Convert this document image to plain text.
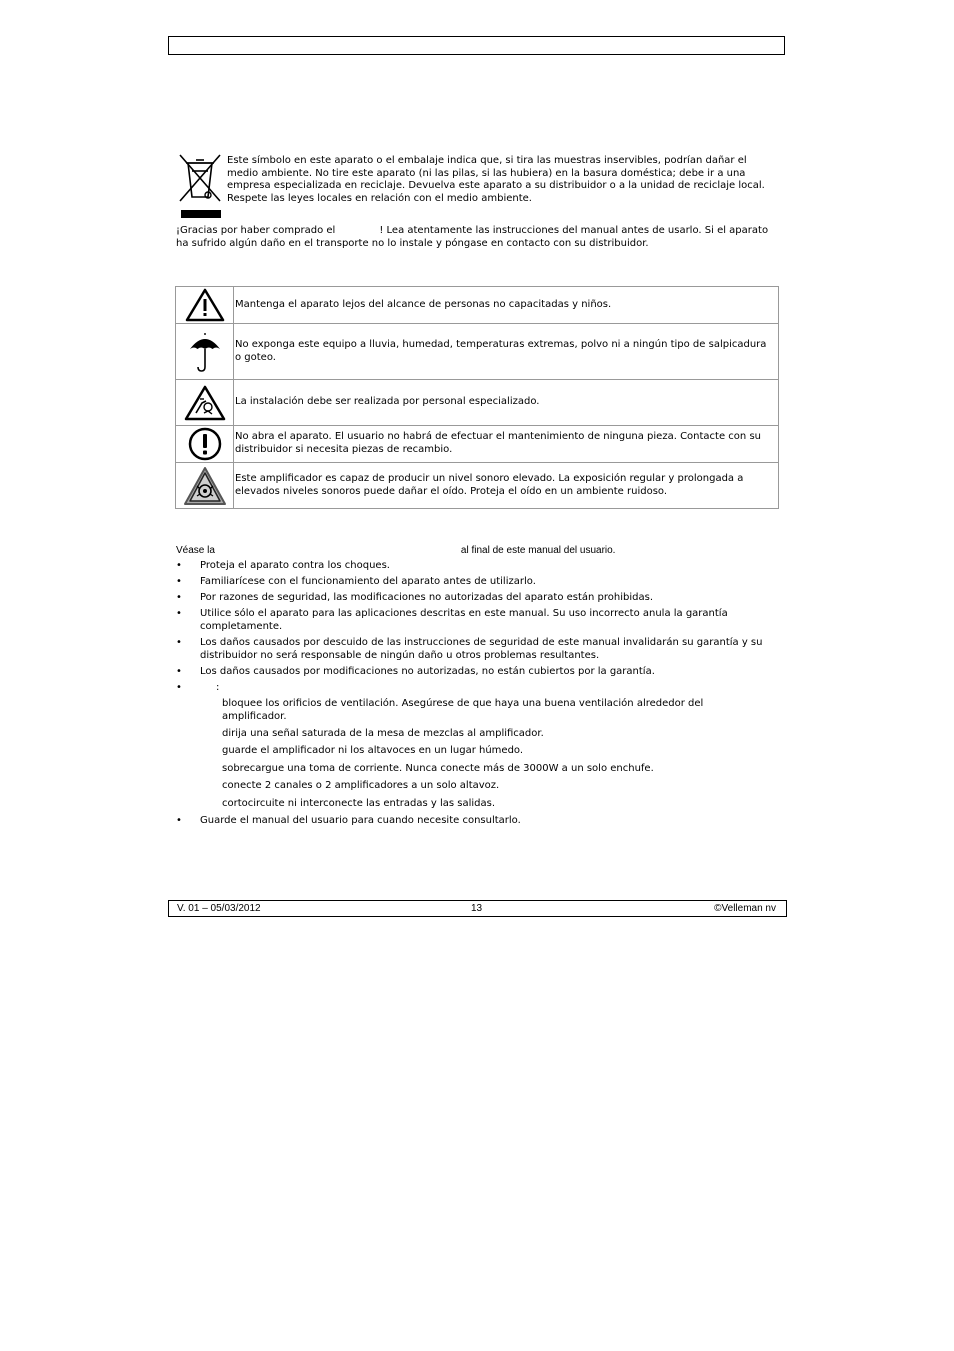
Este símbolo en este aparato o el embalaje indica que, si tira las muestras inservibles, podrían dañar el medio ambiente. No tire este aparato (ni las pilas, si las hubiera) en la basura doméstica; debe ir a una empresa especializada en reciclaje. Devuelva este aparato a su distribuidor o a la unidad de reciclaje local. Respete las leyes locales en relación con el medio ambiente.
¡Gracias por haber comprado el	! Lea atentamente las instrucciones del manual antes de usarlo. Si el aparato ha sufrido algún daño en el transporte no lo instale y póngase en contacto con su distribuidor.
	Mantenga el aparato lejos del alcance de personas no capacitadas y niños.

	No exponga este equipo a lluvia, humedad, temperaturas extremas, polvo ni a ningún tipo de salpicadura o goteo.

	La instalación debe ser realizada por personal especializado.

	No abra el aparato. El usuario no habrá de efectuar el mantenimiento de ninguna pieza. Contacte con su distribuidor si necesita piezas de recambio.

	Este amplificador es capaz de producir un nivel sonoro elevado. La exposición regular y prolongada a elevados niveles sonoros puede dañar el oído. Proteja el oído en un ambiente ruidoso.
Véase la	al final de este manual del usuario.
• Proteja el aparato contra los choques.
• Familiarícese con el funcionamiento del aparato antes de utilizarlo.
• Por razones de seguridad, las modificaciones no autorizadas del aparato están prohibidas.
• Utilice sólo el aparato para las aplicaciones descritas en este manual. Su uso incorrecto anula la garantía completamente.
• Los daños causados por descuido de las instrucciones de seguridad de este manual invalidarán su garantía y su distribuidor no será responsable de ningún daño u otros problemas resultantes.
• Los daños causados por modificaciones no autorizadas, no están cubiertos por la garantía.
•	:
bloquee los orificios de ventilación. Asegúrese de que haya una buena ventilación alrededor del amplificador.
dirija una señal saturada de la mesa de mezclas al amplificador.
guarde el amplificador ni los altavoces en un lugar húmedo.
sobrecargue una toma de corriente. Nunca conecte más de 3000W a un solo enchufe.
conecte 2 canales o 2 amplificadores a un solo altavoz.
cortocircuite ni interconecte las entradas y las salidas.
• Guarde el manual del usuario para cuando necesite consultarlo.
V. 01 – 05/03/2012	13	©Velleman nv
